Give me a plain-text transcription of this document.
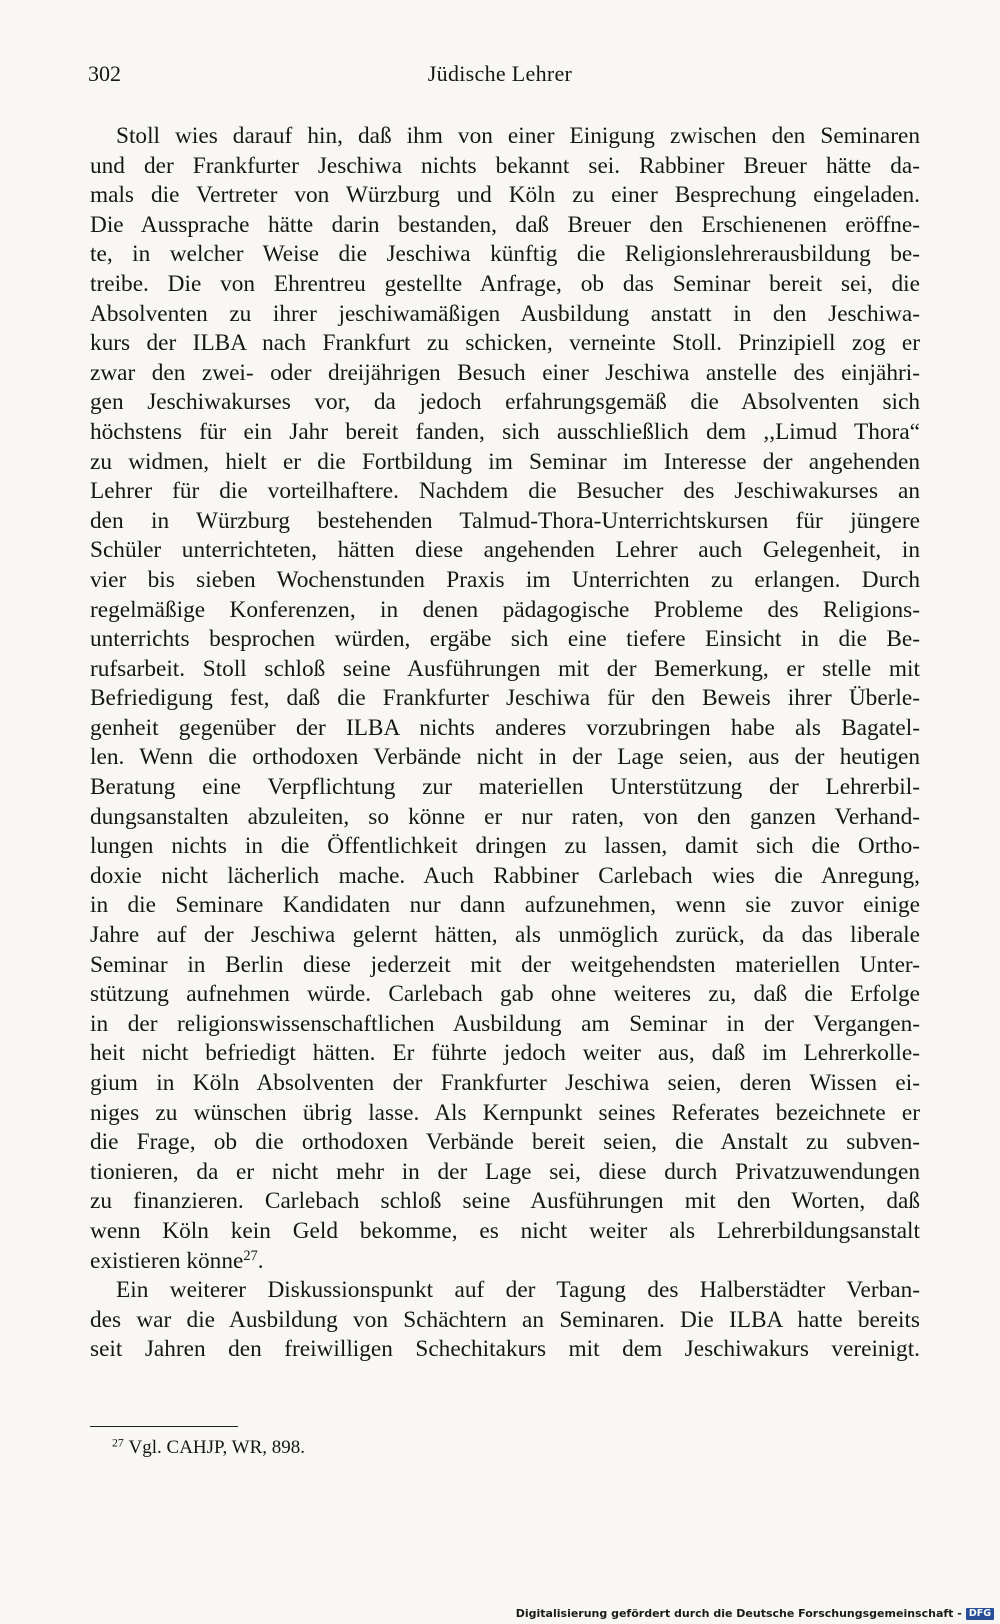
302	Jüdische Lehrer
Stoll wies darauf hin, daß ihm von einer Einigung zwischen den Seminaren
und der Frankfurter Jeschiwa nichts bekannt sei. Rabbiner Breuer hätte da-
mals die Vertreter von Würzburg und Köln zu einer Besprechung eingeladen.
Die Aussprache hätte darin bestanden, daß Breuer den Erschienenen eröffne-
te, in welcher Weise die Jeschiwa künftig die Religionslehrerausbildung be-
treibe. Die von Ehrentreu gestellte Anfrage, ob das Seminar bereit sei, die
Absolventen zu ihrer jeschiwamäßigen Ausbildung anstatt in den Jeschiwa-
kurs der ILBA nach Frankfurt zu schicken, verneinte Stoll. Prinzipiell zog er
zwar den zwei- oder dreijährigen Besuch einer Jeschiwa anstelle des einjähri-
gen Jeschiwakurses vor, da jedoch erfahrungsgemäß die Absolventen sich
höchstens für ein Jahr bereit fanden, sich ausschließlich dem ,,Limud Thora“
zu widmen, hielt er die Fortbildung im Seminar im Interesse der angehenden
Lehrer für die vorteilhaftere. Nachdem die Besucher des Jeschiwakurses an
den in Würzburg bestehenden Talmud-Thora-Unterrichtskursen für jüngere
Schüler unterrichteten, hätten diese angehenden Lehrer auch Gelegenheit, in
vier bis sieben Wochenstunden Praxis im Unterrichten zu erlangen. Durch
regelmäßige Konferenzen, in denen pädagogische Probleme des Religions-
unterrichts besprochen würden, ergäbe sich eine tiefere Einsicht in die Be-
rufsarbeit. Stoll schloß seine Ausführungen mit der Bemerkung, er stelle mit
Befriedigung fest, daß die Frankfurter Jeschiwa für den Beweis ihrer Überle-
genheit gegenüber der ILBA nichts anderes vorzubringen habe als Bagatel-
len. Wenn die orthodoxen Verbände nicht in der Lage seien, aus der heutigen
Beratung eine Verpflichtung zur materiellen Unterstützung der Lehrerbil-
dungsanstalten abzuleiten, so könne er nur raten, von den ganzen Verhand-
lungen nichts in die Öffentlichkeit dringen zu lassen, damit sich die Ortho-
doxie nicht lächerlich mache. Auch Rabbiner Carlebach wies die Anregung,
in die Seminare Kandidaten nur dann aufzunehmen, wenn sie zuvor einige
Jahre auf der Jeschiwa gelernt hätten, als unmöglich zurück, da das liberale
Seminar in Berlin diese jederzeit mit der weitgehendsten materiellen Unter-
stützung aufnehmen würde. Carlebach gab ohne weiteres zu, daß die Erfolge
in der religionswissenschaftlichen Ausbildung am Seminar in der Vergangen-
heit nicht befriedigt hätten. Er führte jedoch weiter aus, daß im Lehrerkolle-
gium in Köln Absolventen der Frankfurter Jeschiwa seien, deren Wissen ei-
niges zu wünschen übrig lasse. Als Kernpunkt seines Referates bezeichnete er
die Frage, ob die orthodoxen Verbände bereit seien, die Anstalt zu subven-
tionieren, da er nicht mehr in der Lage sei, diese durch Privatzuwendungen
zu finanzieren. Carlebach schloß seine Ausführungen mit den Worten, daß
wenn Köln kein Geld bekomme, es nicht weiter als Lehrerbildungsanstalt
existieren könne$^{27}$.
Ein weiterer Diskussionspunkt auf der Tagung des Halberstädter Verban-
des war die Ausbildung von Schächtern an Seminaren. Die ILBA hatte bereits
seit Jahren den freiwilligen Schechitakurs mit dem Jeschiwakurs vereinigt.
$^{27}$ Vgl. CAHJP, WR, 898.
Digitalisierung gefördert durch die Deutsche Forschungsgemeinschaft - DFG
